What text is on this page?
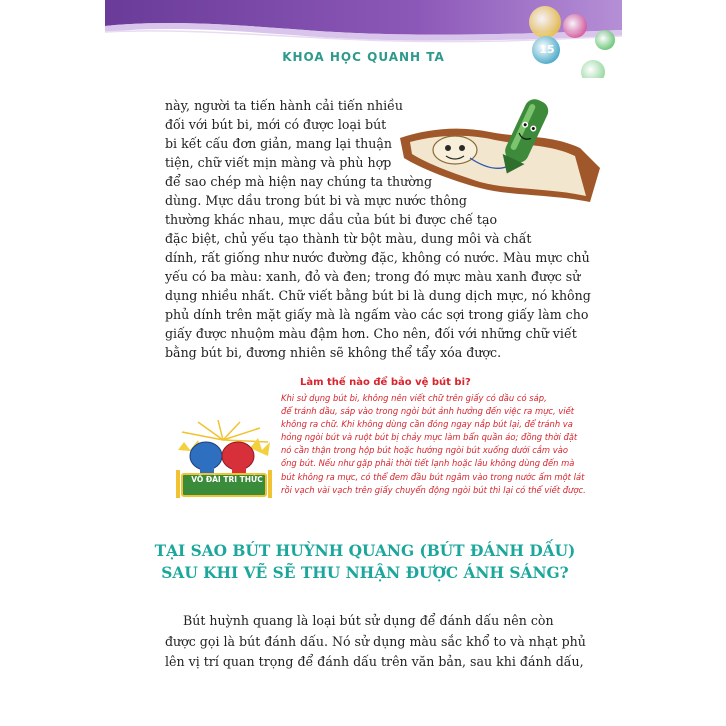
KHOA HỌC QUANH TA
15
này, người ta tiến hành cải tiến nhiều
đối với bút bi, mới có được loại bút
bi kết cấu đơn giản, mang lại thuận
tiện, chữ viết mịn màng và phù hợp
để sao chép mà hiện nay chúng ta thường
dùng. Mực dầu trong bút bi và mực nước thông
thường khác nhau, mực dầu của bút bi được chế tạo
đặc biệt, chủ yếu tạo thành từ bột màu, dung môi và chất
dính, rất giống như nước đường đặc, không có nước. Màu mực chủ
yếu có ba màu: xanh, đỏ và đen; trong đó mực màu xanh được sử
dụng nhiều nhất. Chữ viết bằng bút bi là dung dịch mực, nó không
phủ dính trên mặt giấy mà là ngấm vào các sợi trong giấy làm cho
giấy được nhuộm màu đậm hơn. Cho nên, đối với những chữ viết
bằng bút bi, đương nhiên sẽ không thể tẩy xóa được.
Làm thế nào để bảo vệ bút bi?
Khi sử dụng bút bi, không nên viết chữ trên giấy có dầu có sáp,
để tránh dầu, sáp vào trong ngòi bút ảnh hưởng đến việc ra mực, viết
không ra chữ. Khi không dùng cần đóng ngay nắp bút lại, để tránh va
hỏng ngòi bút và ruột bút bị chảy mực làm bẩn quần áo; đồng thời đặt
nó cần thận trong hộp bút hoặc hướng ngòi bút xuống dưới cắm vào
ống bút. Nếu như gặp phải thời tiết lạnh hoặc lâu không dùng đến mà
bút không ra mực, có thể đem đầu bút ngâm vào trong nước ấm một lát
rồi vạch vài vạch trên giấy chuyển động ngòi bút thì lại có thể viết được.
VÕ ĐÀI TRI THỨC
TẠI SAO BÚT HUỲNH QUANG (BÚT ĐÁNH DẤU)
SAU KHI VẼ SẼ THU NHẬN ĐƯỢC ÁNH SÁNG?
Bút huỳnh quang là loại bút sử dụng để đánh dấu nên còn
được gọi là bút đánh dấu. Nó sử dụng màu sắc khổ to và nhạt phủ
lên vị trí quan trọng để đánh dấu trên văn bản, sau khi đánh dấu,
